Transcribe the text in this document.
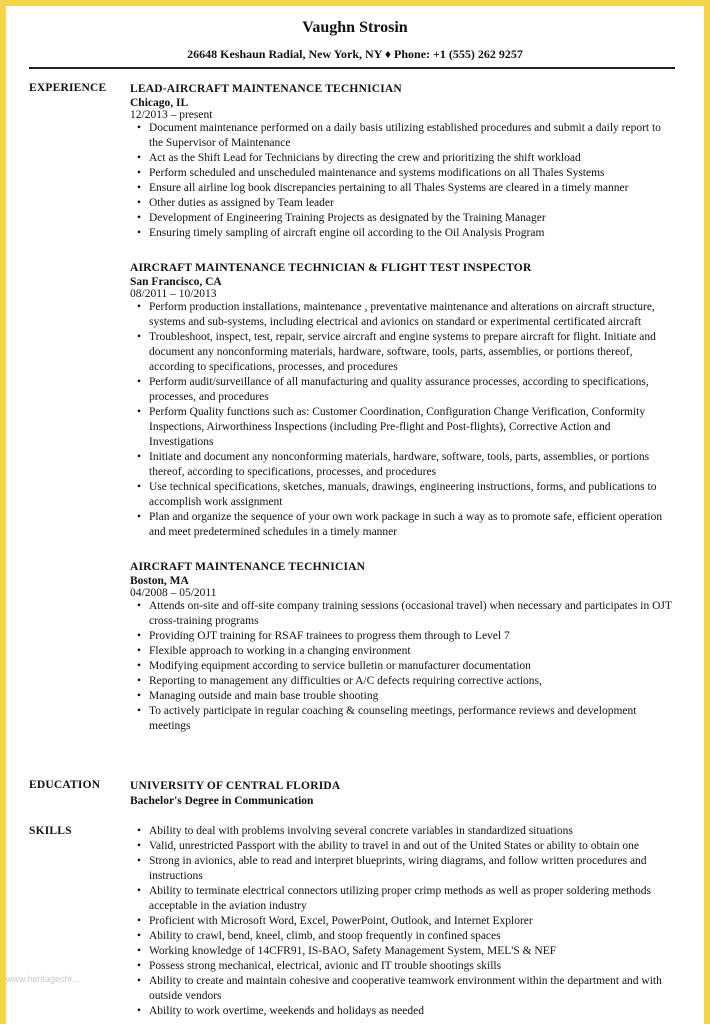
Vaughn Strosin
26648 Keshaun Radial, New York, NY ♦ Phone: +1 (555) 262 9257
EXPERIENCE LEAD-AIRCRAFT MAINTENANCE TECHNICIAN
Chicago, IL
12/2013 – present
• Document maintenance performed on a daily basis utilizing established procedures and submit a daily report to the Supervisor of Maintenance
• Act as the Shift Lead for Technicians by directing the crew and prioritizing the shift workload
• Perform scheduled and unscheduled maintenance and systems modifications on all Thales Systems
• Ensure all airline log book discrepancies pertaining to all Thales Systems are cleared in a timely manner
• Other duties as assigned by Team leader
• Development of Engineering Training Projects as designated by the Training Manager
• Ensuring timely sampling of aircraft engine oil according to the Oil Analysis Program
AIRCRAFT MAINTENANCE TECHNICIAN & FLIGHT TEST INSPECTOR
San Francisco, CA
08/2011 – 10/2013
• Perform production installations, maintenance , preventative maintenance and alterations on aircraft structure, systems and sub-systems, including electrical and avionics on standard or experimental certificated aircraft
• Troubleshoot, inspect, test, repair, service aircraft and engine systems to prepare aircraft for flight. Initiate and document any nonconforming materials, hardware, software, tools, parts, assemblies, or portions thereof, according to specifications, processes, and procedures
• Perform audit/surveillance of all manufacturing and quality assurance processes, according to specifications, processes, and procedures
• Perform Quality functions such as: Customer Coordination, Configuration Change Verification, Conformity Inspections, Airworthiness Inspections (including Pre-flight and Post-flights), Corrective Action and Investigations
• Initiate and document any nonconforming materials, hardware, software, tools, parts, assemblies, or portions thereof, according to specifications, processes, and procedures
• Use technical specifications, sketches, manuals, drawings, engineering instructions, forms, and publications to accomplish work assignment
• Plan and organize the sequence of your own work package in such a way as to promote safe, efficient operation and meet predetermined schedules in a timely manner
AIRCRAFT MAINTENANCE TECHNICIAN
Boston, MA
04/2008 – 05/2011
• Attends on-site and off-site company training sessions (occasional travel) when necessary and participates in OJT cross-training programs
• Providing OJT training for RSAF trainees to progress them through to Level 7
• Flexible approach to working in a changing environment
• Modifying equipment according to service bulletin or manufacturer documentation
• Reporting to management any difficulties or A/C defects requiring corrective actions,
• Managing outside and main base trouble shooting
• To actively participate in regular coaching & counseling meetings, performance reviews and development meetings
EDUCATION	UNIVERSITY OF CENTRAL FLORIDA
Bachelor's Degree in Communication
SKILLS
•	Ability to deal with problems involving several concrete variables in standardized situations
• Valid, unrestricted Passport with the ability to travel in and out of the United States or ability to obtain one
• Strong in avionics, able to read and interpret blueprints, wiring diagrams, and follow written procedures and instructions
• Ability to terminate electrical connectors utilizing proper crimp methods as well as proper soldering methods acceptable in the aviation industry
• Proficient with Microsoft Word, Excel, PowerPoint, Outlook, and Internet Explorer
• Ability to crawl, bend, kneel, climb, and stoop frequently in confined spaces
• Working knowledge of 14CFR91, IS-BAO, Safety Management System, MEL'S & NEF
• Possess strong mechanical, electrical, avionic and IT trouble shootings skills
• Ability to create and maintain cohesive and cooperative teamwork environment within the department and with outside vendors
• Ability to work overtime, weekends and holidays as needed
www.heritagechr...
